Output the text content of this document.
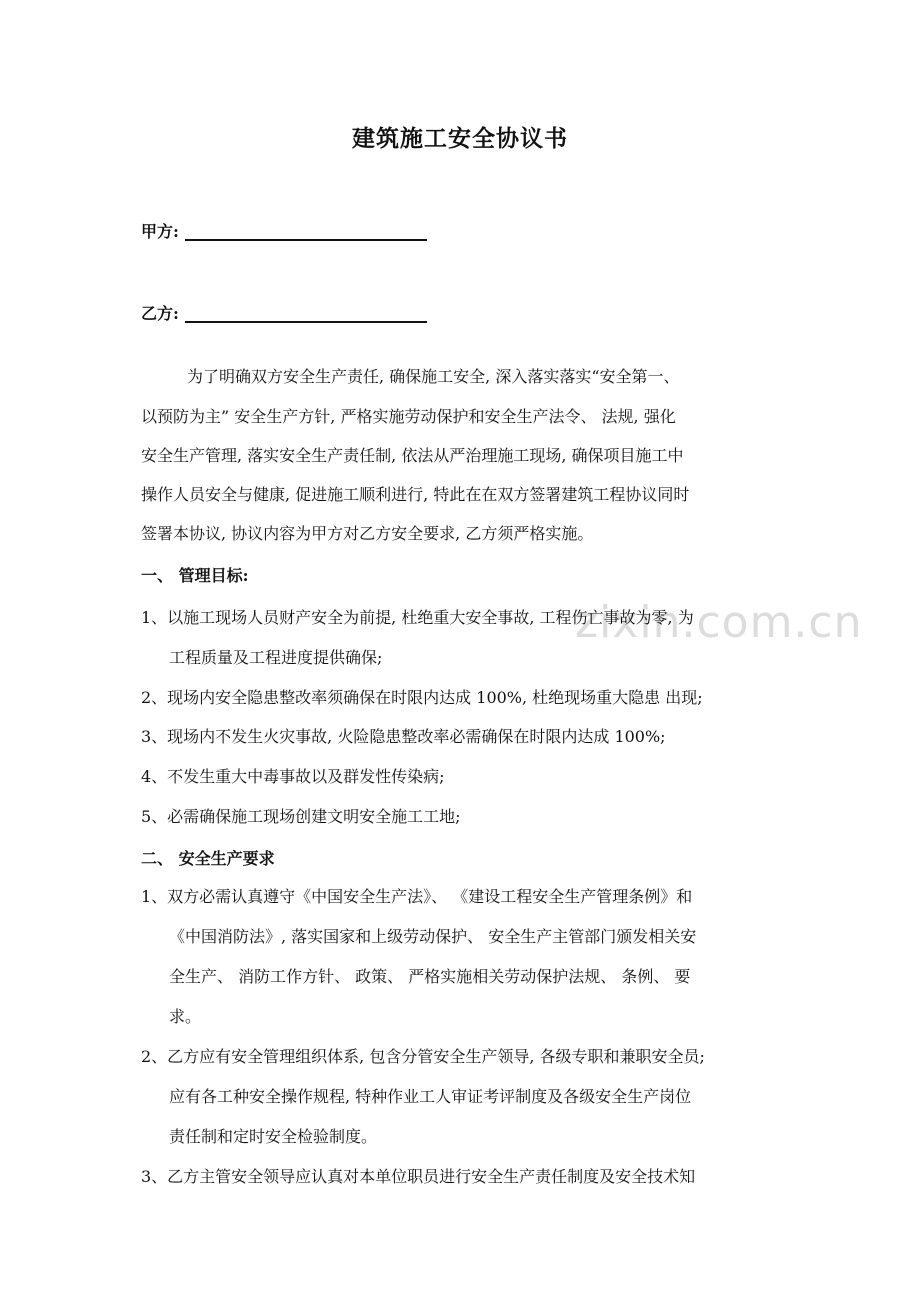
zixin.com.cn
建筑施工安全协议书
甲方:
乙方:
为了明确双方安全生产责任, 确保施工安全, 深入落实落实“安全第一、
以预防为主” 安全生产方针, 严格实施劳动保护和安全生产法令、 法规, 强化
安全生产管理, 落实安全生产责任制, 依法从严治理施工现场, 确保项目施工中
操作人员安全与健康, 促进施工顺利进行, 特此在在双方签署建筑工程协议同时
签署本协议, 协议内容为甲方对乙方安全要求, 乙方须严格实施。
一、 管理目标:
1、以施工现场人员财产安全为前提, 杜绝重大安全事故, 工程伤亡事故为零, 为
工程质量及工程进度提供确保;
2、现场内安全隐患整改率须确保在时限内达成 100%, 杜绝现场重大隐患 出现;
3、现场内不发生火灾事故, 火险隐患整改率必需确保在时限内达成 100%;
4、不发生重大中毒事故以及群发性传染病;
5、必需确保施工现场创建文明安全施工工地;
二、 安全生产要求
1、双方必需认真遵守《中国安全生产法》、 《建设工程安全生产管理条例》和
《中国消防法》, 落实国家和上级劳动保护、 安全生产主管部门颁发相关安
全生产、 消防工作方针、 政策、 严格实施相关劳动保护法规、 条例、 要
求。
2、乙方应有安全管理组织体系, 包含分管安全生产领导, 各级专职和兼职安全员;
应有各工种安全操作规程, 特种作业工人审证考评制度及各级安全生产岗位
责任制和定时安全检验制度。
3、乙方主管安全领导应认真对本单位职员进行安全生产责任制度及安全技术知
